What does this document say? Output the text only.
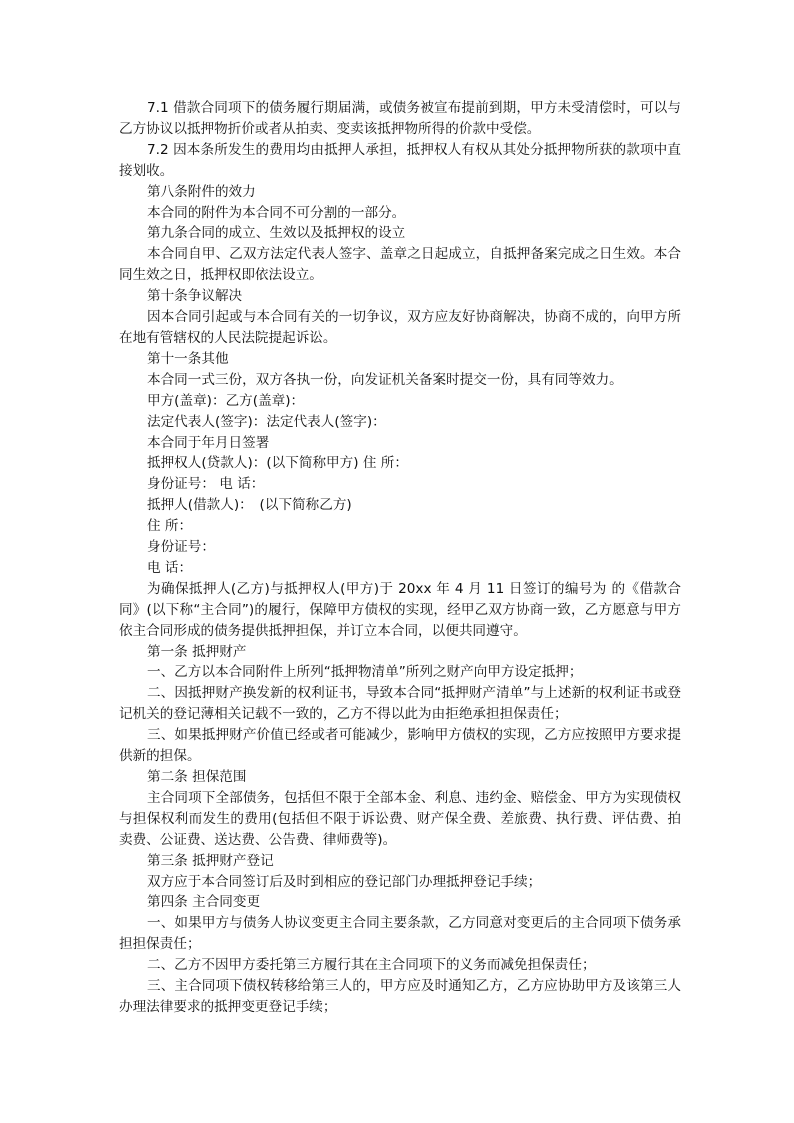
7.1 借款合同项下的债务履行期届满，或债务被宣布提前到期，甲方未受清偿时，可以与乙方协议以抵押物折价或者从拍卖、变卖该抵押物所得的价款中受偿。

7.2 因本条所发生的费用均由抵押人承担，抵押权人有权从其处分抵押物所获的款项中直接划收。

第八条附件的效力

本合同的附件为本合同不可分割的一部分。

第九条合同的成立、生效以及抵押权的设立

本合同自甲、乙双方法定代表人签字、盖章之日起成立，自抵押备案完成之日生效。本合同生效之日，抵押权即依法设立。

第十条争议解决

因本合同引起或与本合同有关的一切争议，双方应友好协商解决，协商不成的，向甲方所在地有管辖权的人民法院提起诉讼。

第十一条其他

本合同一式三份，双方各执一份，向发证机关备案时提交一份，具有同等效力。

甲方(盖章)：乙方(盖章)：

法定代表人(签字)：法定代表人(签字)：

本合同于年月日签署

抵押权人(贷款人)：(以下简称甲方) 住 所：

身份证号： 电 话：

抵押人(借款人)：　(以下简称乙方)

住 所：

身份证号：

电 话：

为确保抵押人(乙方)与抵押权人(甲方)于 20xx 年 4 月 11 日签订的编号为 的《借款合同》(以下称“主合同”)的履行，保障甲方债权的实现，经甲乙双方协商一致，乙方愿意与甲方依主合同形成的债务提供抵押担保，并订立本合同，以便共同遵守。

第一条 抵押财产

一、乙方以本合同附件上所列“抵押物清单”所列之财产向甲方设定抵押；

二、因抵押财产换发新的权利证书，导致本合同“抵押财产清单”与上述新的权利证书或登记机关的登记薄相关记载不一致的，乙方不得以此为由拒绝承担担保责任；

三、如果抵押财产价值已经或者可能减少，影响甲方债权的实现，乙方应按照甲方要求提供新的担保。

第二条 担保范围

主合同项下全部债务，包括但不限于全部本金、利息、违约金、赔偿金、甲方为实现债权与担保权利而发生的费用(包括但不限于诉讼费、财产保全费、差旅费、执行费、评估费、拍卖费、公证费、送达费、公告费、律师费等)。

第三条 抵押财产登记

双方应于本合同签订后及时到相应的登记部门办理抵押登记手续；

第四条 主合同变更

一、如果甲方与债务人协议变更主合同主要条款，乙方同意对变更后的主合同项下债务承担担保责任；

二、乙方不因甲方委托第三方履行其在主合同项下的义务而减免担保责任；

三、主合同项下债权转移给第三人的，甲方应及时通知乙方，乙方应协助甲方及该第三人办理法律要求的抵押变更登记手续；
